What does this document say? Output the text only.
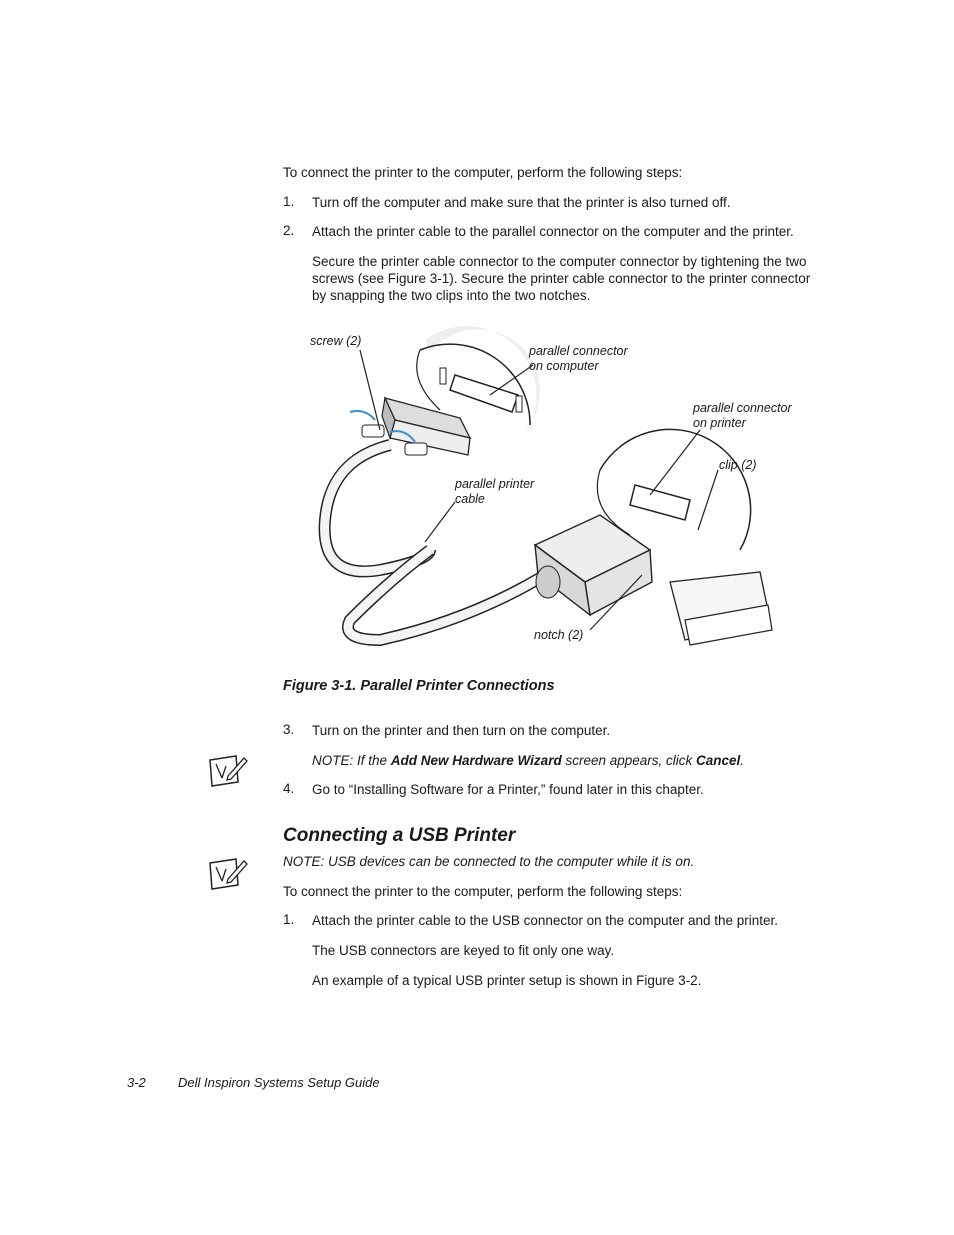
To connect the printer to the computer, perform the following steps:

1. Turn off the computer and make sure that the printer is also turned off.

2. Attach the printer cable to the parallel connector on the computer and the printer.

Secure the printer cable connector to the computer connector by tightening the two screws (see Figure 3-1). Secure the printer cable connector to the printer connector by snapping the two clips into the two notches.

screw (2)
parallel connector
on computer
parallel connector
on printer
clip (2)
parallel printer
cable
notch (2)
Figure 3-1. Parallel Printer Connections
3. Turn on the printer and then turn on the computer.

NOTE: If the Add New Hardware Wizard screen appears, click Cancel.

4. Go to “Installing Software for a Printer,” found later in this chapter.

Connecting a USB Printer

NOTE: USB devices can be connected to the computer while it is on.

To connect the printer to the computer, perform the following steps:

1. Attach the printer cable to the USB connector on the computer and the printer.

The USB connectors are keyed to fit only one way.

An example of a typical USB printer setup is shown in Figure 3-2.

3-2 Dell Inspiron Systems Setup Guide
